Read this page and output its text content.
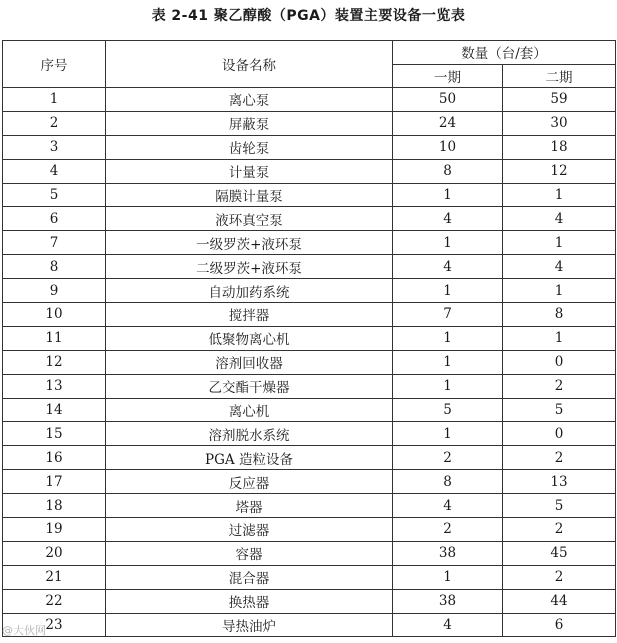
表 2-41 聚乙醇酸（PGA）装置主要设备一览表
序号	设备名称	数量（台/套）	
		一期	二期
1	离心泵	50	59
2	屏蔽泵	24	30
3	齿轮泵	10	18
4	计量泵	8	12
5	隔膜计量泵	1	1
6	液环真空泵	4	4
7	一级罗茨+液环泵	1	1
8	二级罗茨+液环泵	4	4
9	自动加药系统	1	1
10	搅拌器	7	8
11	低聚物离心机	1	1
12	溶剂回收器	1	0
13	乙交酯干燥器	1	2
14	离心机	5	5
15	溶剂脱水系统	1	0
16	PGA 造粒设备	2	2
17	反应器	8	13
18	塔器	4	5
19	过滤器	2	2
20	容器	38	45
21	混合器	1	2
22	换热器	38	44
23	导热油炉	4	6
@大伙网
